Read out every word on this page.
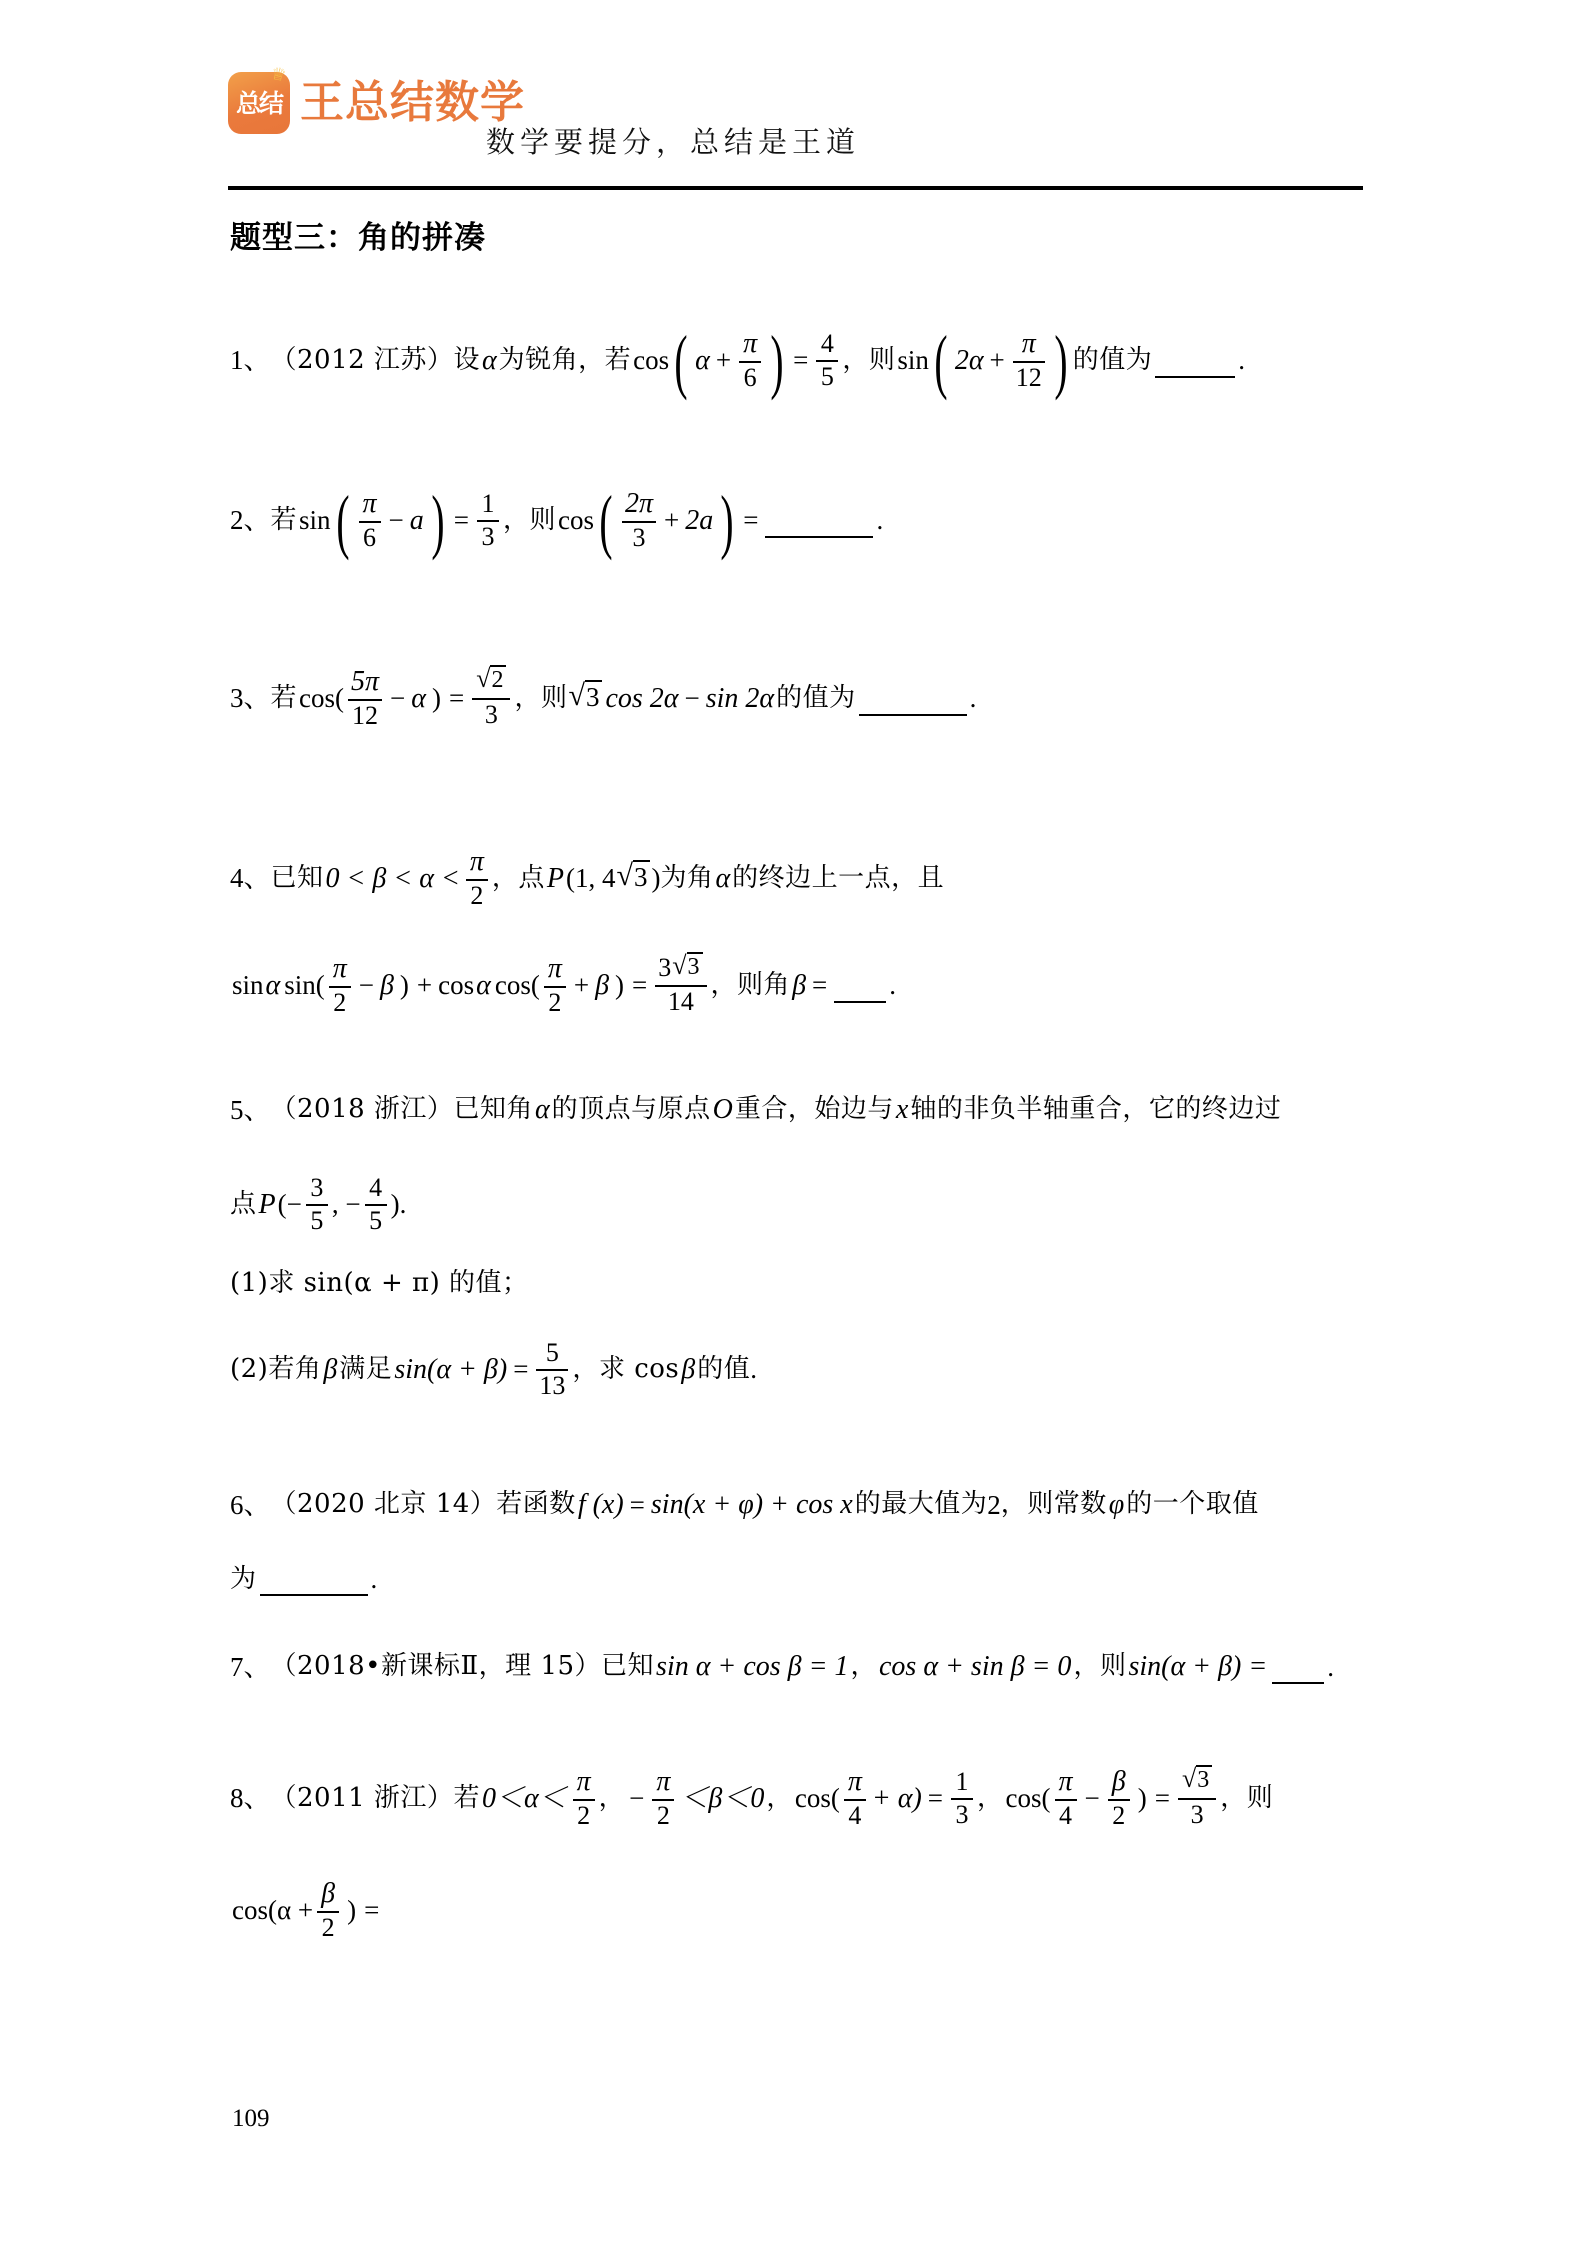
♕
总结 王总结数学
数学要提分，总结是王道
题型三：角的拼凑
1、 （2012 江苏） 设 α 为锐角，若 cos ( $\alpha + \frac{\pi}{6}$ ) = $\frac{4}{5}$ ， 则 sin ( $2\alpha + \frac{\pi}{12}$ ) 的值为	.
2、 若 sin ( $\frac{\pi}{6} - a$ ) = $\frac{1}{3}$ ， 则 cos ( $\frac{2\pi}{3} + 2a$ ) =	.
3、 若 $\cos( \frac{5\pi}{12} - \alpha$ ) = $\frac{√ 2}{3}$ ， 则 √ 3 cos 2α − sin 2α 的值为	.
4、 已知 $0 < \beta < \alpha < \frac{\pi}{2}$ ， 点 P (1, 4 √ 3 ) 为角 α 的终边上一点，且
sin α $\sin( \frac{\pi}{2} - \beta$ ) + cos α $\cos( \frac{\pi}{2} + \beta$ ) = $\frac{3 √ 3}{14}$ ， 则角 β = .
5、 （2018 浙江） 已知角 α 的顶点与原点 O 重合，始边与 x 轴的非负半轴重合，它的终边过
点 P (− $\frac{3}{5}$ , − $\frac{4}{5}$ ) .
(1)求 sin(α + π) 的值；
(2)若角 β 满足 $\sin(\alpha + \beta) = \frac{5}{13}$ ， 求 cos β 的值 .
6、 （2020 北京 14） 若函数 f (x) = sin(x + φ) + cos x 的最大值为 2 ， 则常数 φ 的一个取值
为	.
7、 （2018•新课标Ⅱ，理 15） 已知 sin α + cos β = 1 ， cos α + sin β = 0 ， 则 sin(α + β) = .
8、 （2011 浙江） 若 $0<\alpha< \frac{\pi}{2}$ ， − $\frac{\pi}{2} <\beta<0$ ， $\cos( \frac{\pi}{4} + \alpha) = \frac{1}{3}$ ， $\cos( \frac{\pi}{4} - \frac{\beta}{2}$ ) = $\frac{√ 3}{3}$ ， 则
$\cos(\alpha + \frac{\beta}{2}$ ) =
109
